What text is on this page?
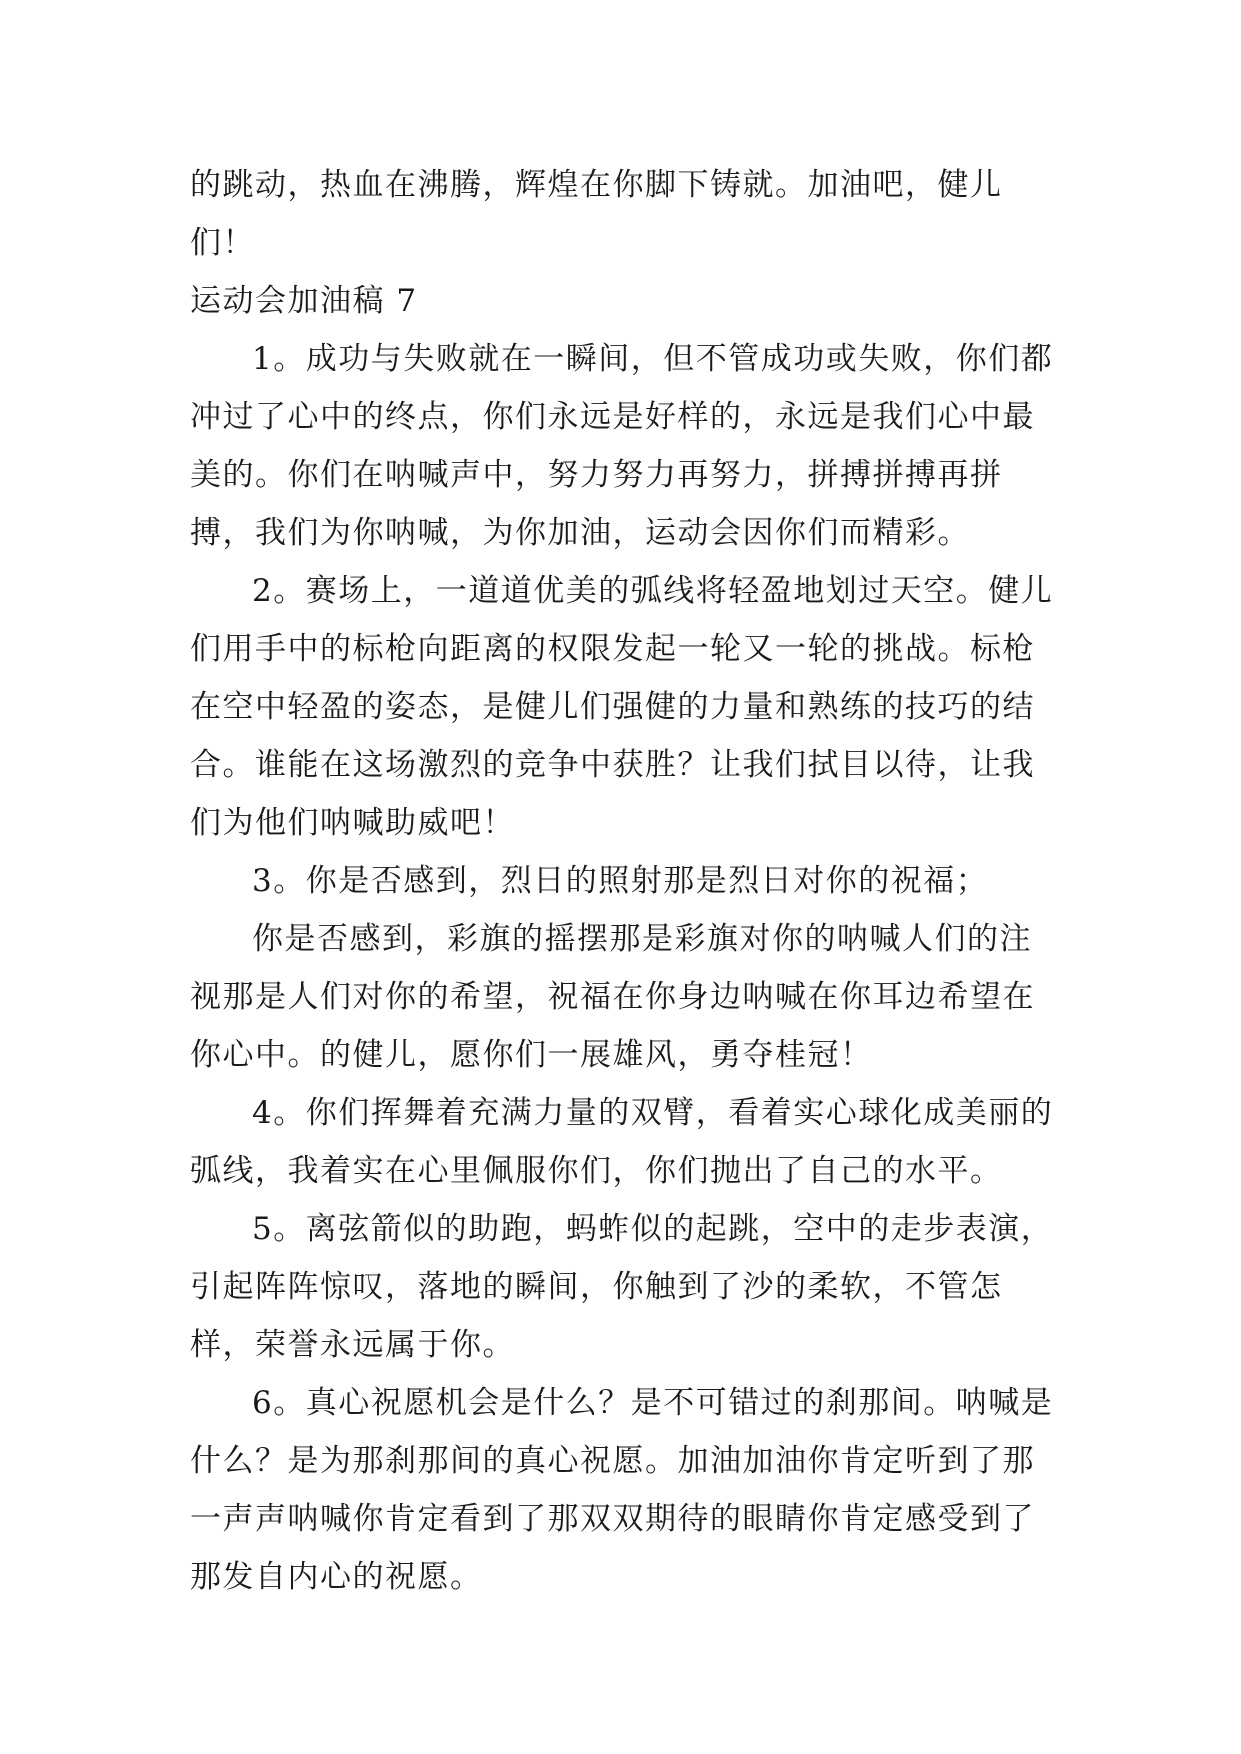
的跳动，热血在沸腾，辉煌在你脚下铸就。加油吧，健儿们！

运动会加油稿 7

1。成功与失败就在一瞬间，但不管成功或失败，你们都冲过了心中的终点，你们永远是好样的，永远是我们心中最美的。你们在呐喊声中，努力努力再努力，拼搏拼搏再拼搏，我们为你呐喊，为你加油，运动会因你们而精彩。

2。赛场上，一道道优美的弧线将轻盈地划过天空。健儿们用手中的标枪向距离的权限发起一轮又一轮的挑战。标枪在空中轻盈的姿态，是健儿们强健的力量和熟练的技巧的结合。谁能在这场激烈的竞争中获胜？让我们拭目以待，让我们为他们呐喊助威吧！

3。你是否感到，烈日的照射那是烈日对你的祝福；

你是否感到，彩旗的摇摆那是彩旗对你的呐喊人们的注视那是人们对你的希望，祝福在你身边呐喊在你耳边希望在你心中。的健儿，愿你们一展雄风，勇夺桂冠！

4。你们挥舞着充满力量的双臂，看着实心球化成美丽的弧线，我着实在心里佩服你们，你们抛出了自己的水平。

5。离弦箭似的助跑，蚂蚱似的起跳，空中的走步表演，引起阵阵惊叹，落地的瞬间，你触到了沙的柔软，不管怎样，荣誉永远属于你。

6。真心祝愿机会是什么？是不可错过的刹那间。呐喊是什么？是为那刹那间的真心祝愿。加油加油你肯定听到了那一声声呐喊你肯定看到了那双双期待的眼睛你肯定感受到了那发自内心的祝愿。
